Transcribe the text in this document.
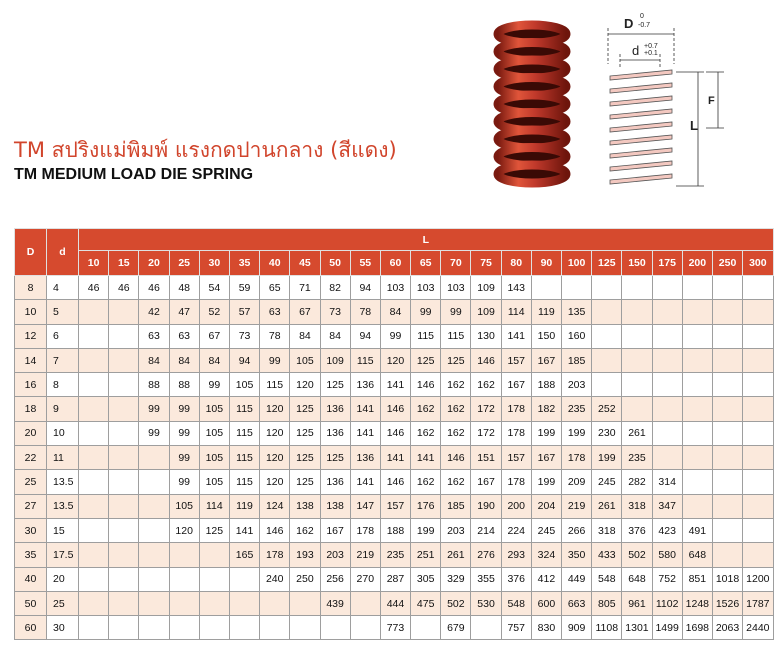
TM สปริงแม่พิมพ์ แรงกดปานกลาง (สีแดง)
TM MEDIUM LOAD DIE SPRING
D 0
-0.7
d +0.7
+0.1
L
F
D	d	L																						
		10	15	20	25	30	35	40	45	50	55	60	65	70	75	80	90	100	125	150	175	200	250	300
8	4	46	46	46	48	54	59	65	71	82	94	103	103	103	109	143								
10	5			42	47	52	57	63	67	73	78	84	99	99	109	114	119	135						
12	6			63	63	67	73	78	84	84	94	99	115	115	130	141	150	160						
14	7			84	84	84	94	99	105	109	115	120	125	125	146	157	167	185						
16	8			88	88	99	105	115	120	125	136	141	146	162	162	167	188	203						
18	9			99	99	105	115	120	125	136	141	146	162	162	172	178	182	235	252					
20	10			99	99	105	115	120	125	136	141	146	162	162	172	178	199	199	230	261				
22	11				99	105	115	120	125	125	136	141	141	146	151	157	167	178	199	235				
25	13.5				99	105	115	120	125	136	141	146	162	162	167	178	199	209	245	282	314			
27	13.5				105	114	119	124	138	138	147	157	176	185	190	200	204	219	261	318	347			
30	15				120	125	141	146	162	167	178	188	199	203	214	224	245	266	318	376	423	491		
35	17.5						165	178	193	203	219	235	251	261	276	293	324	350	433	502	580	648		
40	20							240	250	256	270	287	305	329	355	376	412	449	548	648	752	851	1018	1200
50	25									439		444	475	502	530	548	600	663	805	961	1102	1248	1526	1787
60	30											773		679		757	830	909	1108	1301	1499	1698	2063	2440
